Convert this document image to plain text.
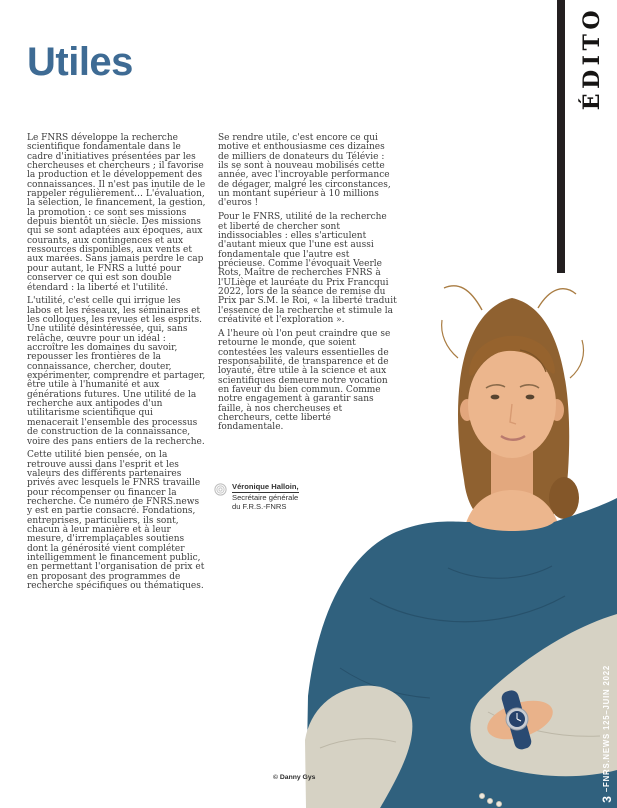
Utiles

Le FNRS développe la recherche scientifique fondamentale dans le cadre d'initiatives présentées par les chercheuses et chercheurs ; il favorise la production et le développement des connaissances. Il n'est pas inutile de le rappeler régulièrement… L'évaluation, la sélection, le financement, la gestion, la promotion : ce sont ses missions depuis bientôt un siècle. Des missions qui se sont adaptées aux époques, aux courants, aux contingences et aux ressources disponibles, aux vents et aux marées. Sans jamais perdre le cap pour autant, le FNRS a lutté pour conserver ce qui est son double étendard : la liberté et l'utilité.

L'utilité, c'est celle qui irrigue les labos et les réseaux, les séminaires et les colloques, les revues et les esprits. Une utilité désintéressée, qui, sans relâche, œuvre pour un idéal : accroître les domaines du savoir, repousser les frontières de la connaissance, chercher, douter, expérimenter, comprendre et partager, être utile à l'humanité et aux générations futures. Une utilité de la recherche aux antipodes d'un utilitarisme scientifique qui menacerait l'ensemble des processus de construction de la connaissance, voire des pans entiers de la recherche.

Cette utilité bien pensée, on la retrouve aussi dans l'esprit et les valeurs des différents partenaires privés avec lesquels le FNRS travaille pour récompenser ou financer la recherche. Ce numéro de FNRS.news y est en partie consacré. Fondations, entreprises, particuliers, ils sont, chacun à leur manière et à leur mesure, d'irremplaçables soutiens dont la générosité vient compléter intelligemment le financement public, en permettant l'organisation de prix et en proposant des programmes de recherche spécifiques ou thématiques.

Se rendre utile, c'est encore ce qui motive et enthousiasme ces dizaines de milliers de donateurs du Télévie : ils se sont à nouveau mobilisés cette année, avec l'incroyable performance de dégager, malgré les circonstances, un montant supérieur à 10 millions d'euros !

Pour le FNRS, utilité de la recherche et liberté de chercher sont indissociables : elles s'articulent d'autant mieux que l'une est aussi fondamentale que l'autre est précieuse. Comme l'évoquait Veerle Rots, Maître de recherches FNRS à l'ULiège et lauréate du Prix Francqui 2022, lors de la séance de remise du Prix par S.M. le Roi, « la liberté traduit l'essence de la recherche et stimule la créativité et l'exploration ».

A l'heure où l'on peut craindre que se retourne le monde, que soient contestées les valeurs essentielles de responsabilité, de transparence et de loyauté, être utile à la science et aux scientifiques demeure notre vocation en faveur du bien commun. Comme notre engagement à garantir sans faille, à nos chercheuses et chercheurs, cette liberté fondamentale.

Véronique Halloin,
Secrétaire générale
du F.R.S.-FNRS
© Danny Gys
ÉDITO
3–FNRS.NEWS 125–JUIN 2022
